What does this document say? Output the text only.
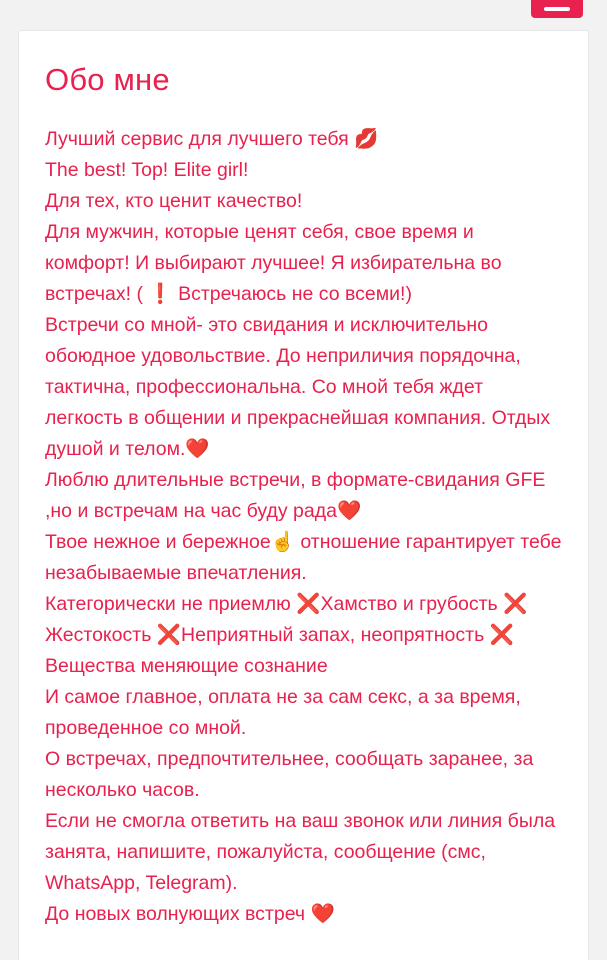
Обо мне

Лучший сервис для лучшего тебя 💋

The best! Top! Elite girl!

Для тех, кто ценит качество!

Для мужчин, которые ценят себя, свое время и комфорт! И выбирают лучшее! Я избирательна во встречах! ( ❗ Встречаюсь не со всеми!)

Встречи со мной- это свидания и исключительно обоюдное удовольствие. До неприличия порядочна, тактична, профессиональна. Со мной тебя ждет легкость в общении и прекраснейшая компания. Отдых душой и телом.❤️

Люблю длительные встречи, в формате-свидания GFE ,но и встречам на час буду рада❤️

Твое нежное и бережное☝ отношение гарантирует тебе незабываемые впечатления.

Категорически не приемлю ❌Хамство и грубость ❌ Жестокость ❌Неприятный запах, неопрятность ❌ Вещества меняющие сознание

И самое главное, оплата не за сам секс, а за время, проведенное со мной.

О встречах, предпочтительнее, сообщать заранее, за несколько часов.

Если не смогла ответить на ваш звонок или линия была занята, напишите, пожалуйста, сообщение (смс, WhatsApp, Telegram).

До новых волнующих встреч ❤️
